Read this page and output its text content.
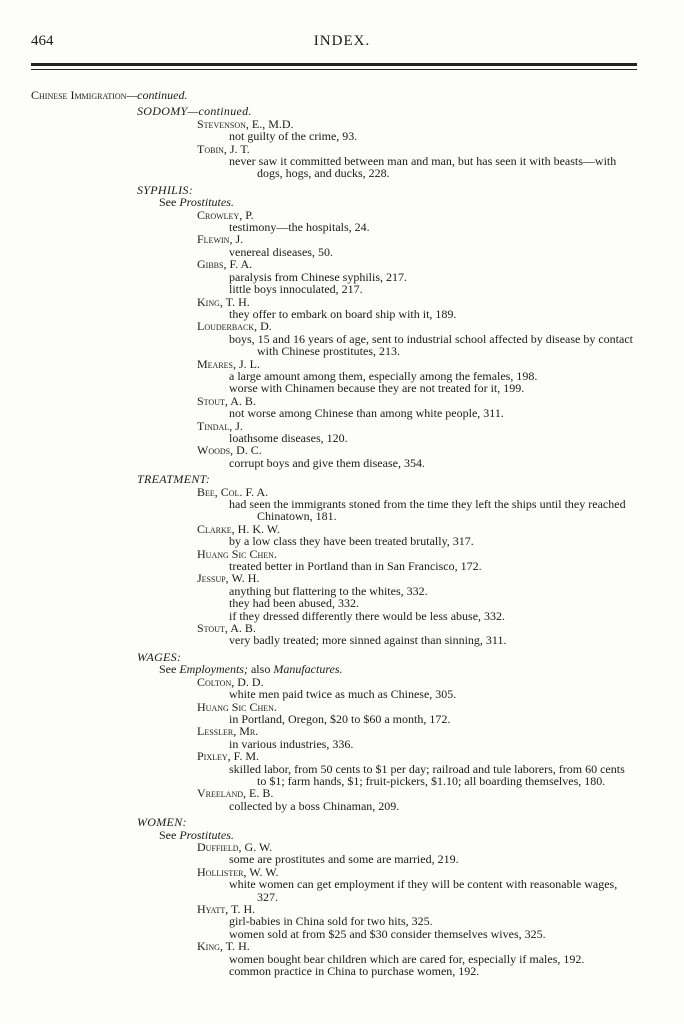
464	INDEX.
Chinese Immigration—continued.
SODOMY—continued.
Stevenson, E., M.D.
not guilty of the crime, 93.
Tobin, J. T.
never saw it committed between man and man, but has seen it with beasts—with dogs, hogs, and ducks, 228.
SYPHILIS:
See Prostitutes.
Crowley, P.
testimony—the hospitals, 24.
Flewin, J.
venereal diseases, 50.
Gibbs, F. A.
paralysis from Chinese syphilis, 217.
little boys innoculated, 217.
King, T. H.
they offer to embark on board ship with it, 189.
Louderback, D.
boys, 15 and 16 years of age, sent to industrial school affected by disease by contact with Chinese prostitutes, 213.
Meares, J. L.
a large amount among them, especially among the females, 198.
worse with Chinamen because they are not treated for it, 199.
Stout, A. B.
not worse among Chinese than among white people, 311.
Tindal, J.
loathsome diseases, 120.
Woods, D. C.
corrupt boys and give them disease, 354.
TREATMENT:
Bee, Col. F. A.
had seen the immigrants stoned from the time they left the ships until they reached Chinatown, 181.
Clarke, H. K. W.
by a low class they have been treated brutally, 317.
Huang Sic Chen.
treated better in Portland than in San Francisco, 172.
Jessup, W. H.
anything but flattering to the whites, 332.
they had been abused, 332.
if they dressed differently there would be less abuse, 332.
Stout, A. B.
very badly treated; more sinned against than sinning, 311.
WAGES:
See Employments; also Manufactures.
Colton, D. D.
white men paid twice as much as Chinese, 305.
Huang Sic Chen.
in Portland, Oregon, $20 to $60 a month, 172.
Lessler, Mr.
in various industries, 336.
Pixley, F. M.
skilled labor, from 50 cents to $1 per day; railroad and tule laborers, from 60 cents to $1; farm hands, $1; fruit-pickers, $1.10; all boarding themselves, 180.
Vreeland, E. B.
collected by a boss Chinaman, 209.
WOMEN:
See Prostitutes.
Duffield, G. W.
some are prostitutes and some are married, 219.
Hollister, W. W.
white women can get employment if they will be content with reasonable wages, 327.
Hyatt, T. H.
girl-babies in China sold for two hits, 325.
women sold at from $25 and $30 consider themselves wives, 325.
King, T. H.
women bought bear children which are cared for, especially if males, 192.
common practice in China to purchase women, 192.
